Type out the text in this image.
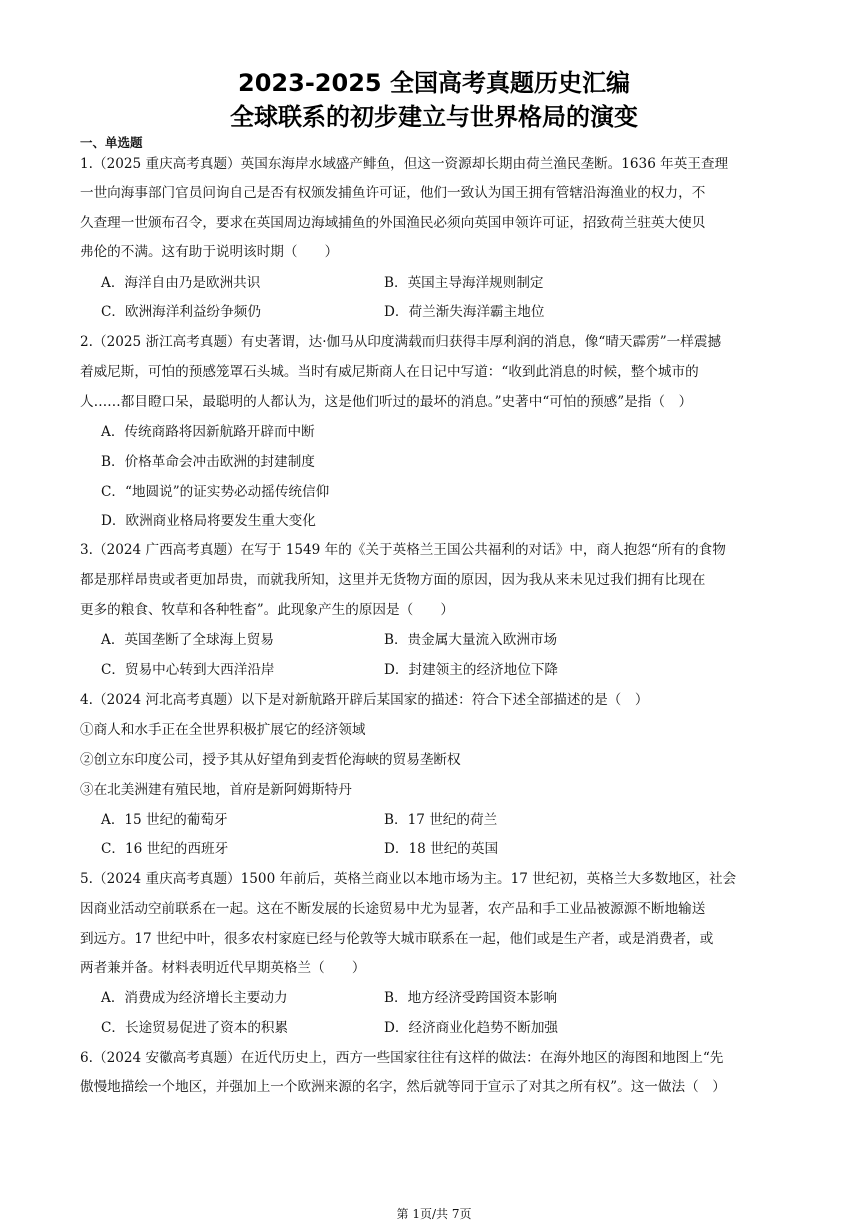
2023-2025 全国高考真题历史汇编
全球联系的初步建立与世界格局的演变
一、单选题
1.（2025 重庆高考真题）英国东海岸水域盛产鲱鱼，但这一资源却长期由荷兰渔民垄断。1636 年英王查理
一世向海事部门官员问询自己是否有权颁发捕鱼许可证，他们一致认为国王拥有管辖沿海渔业的权力，不
久查理一世颁布召令，要求在英国周边海域捕鱼的外国渔民必须向英国申领许可证，招致荷兰驻英大使贝
弗伦的不满。这有助于说明该时期（　　）
A．海洋自由乃是欧洲共识	B．英国主导海洋规则制定
C．欧洲海洋利益纷争频仍	D．荷兰渐失海洋霸主地位
2.（2025 浙江高考真题）有史著谓，达·伽马从印度满载而归获得丰厚利润的消息，像“晴天霹雳”一样震撼
着威尼斯，可怕的预感笼罩石头城。当时有威尼斯商人在日记中写道：“收到此消息的时候，整个城市的
人……都目瞪口呆，最聪明的人都认为，这是他们听过的最坏的消息。”史著中“可怕的预感”是指（　）
A．传统商路将因新航路开辟而中断
B．价格革命会冲击欧洲的封建制度
C．“地圆说”的证实势必动摇传统信仰
D．欧洲商业格局将要发生重大变化
3.（2024 广西高考真题）在写于 1549 年的《关于英格兰王国公共福利的对话》中，商人抱怨“所有的食物
都是那样昂贵或者更加昂贵，而就我所知，这里并无货物方面的原因，因为我从来未见过我们拥有比现在
更多的粮食、牧草和各种牲畜”。此现象产生的原因是（　　）
A．英国垄断了全球海上贸易	B．贵金属大量流入欧洲市场
C．贸易中心转到大西洋沿岸	D．封建领主的经济地位下降
4.（2024 河北高考真题）以下是对新航路开辟后某国家的描述：符合下述全部描述的是（　）
①商人和水手正在全世界积极扩展它的经济领域
②创立东印度公司，授予其从好望角到麦哲伦海峡的贸易垄断权
③在北美洲建有殖民地，首府是新阿姆斯特丹
A．15 世纪的葡萄牙	B．17 世纪的荷兰
C．16 世纪的西班牙	D．18 世纪的英国
5.（2024 重庆高考真题）1500 年前后，英格兰商业以本地市场为主。17 世纪初，英格兰大多数地区，社会
因商业活动空前联系在一起。这在不断发展的长途贸易中尤为显著，农产品和手工业品被源源不断地输送
到远方。17 世纪中叶，很多农村家庭已经与伦敦等大城市联系在一起，他们或是生产者，或是消费者，或
两者兼并备。材料表明近代早期英格兰（　　）
A．消费成为经济增长主要动力	B．地方经济受跨国资本影响
C．长途贸易促进了资本的积累	D．经济商业化趋势不断加强
6.（2024 安徽高考真题）在近代历史上，西方一些国家往往有这样的做法：在海外地区的海图和地图上“先
傲慢地描绘一个地区，并强加上一个欧洲来源的名字，然后就等同于宣示了对其之所有权”。这一做法（　）
第 1页/共 7页
